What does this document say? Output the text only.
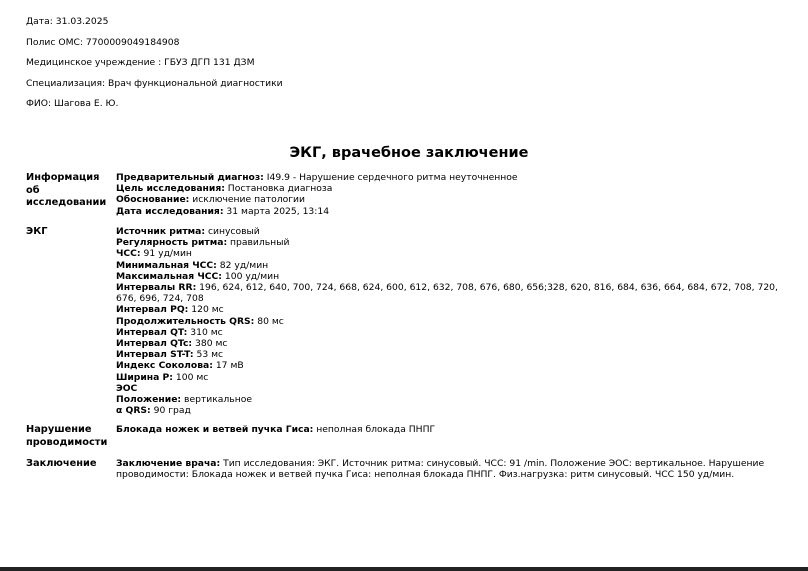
Дата: 31.03.2025
Полис ОМС: 7700009049184908
Медицинское учреждение : ГБУЗ ДГП 131 ДЗМ
Специализация: Врач функциональной диагностики
ФИО: Шагова Е. Ю.
ЭКГ, врачебное заключение
Информация об исследовании
Предварительный диагноз: I49.9 - Нарушение сердечного ритма неуточненное
Цель исследования: Постановка диагноза
Обоснование: исключение патологии
Дата исследования: 31 марта 2025, 13:14
ЭКГ	Источник ритма: синусовый
Регулярность ритма: правильный
ЧСС: 91 уд/мин
Минимальная ЧСС: 82 уд/мин
Максимальная ЧСС: 100 уд/мин
Интервалы RR: 196, 624, 612, 640, 700, 724, 668, 624, 600, 612, 632, 708, 676, 680, 656;328, 620, 816, 684, 636, 664, 684, 672, 708, 720, 676, 696, 724, 708
Интервал PQ: 120 мс
Продолжительность QRS: 80 мс
Интервал QT: 310 мс
Интервал QTc: 380 мс
Интервал ST-T: 53 мс
Индекс Соколова: 17 мВ
Ширина P: 100 мс
ЭОС
Положение: вертикальное
α QRS: 90 град
Нарушение проводимости
Блокада ножек и ветвей пучка Гиса: неполная блокада ПНПГ
Заключение	Заключение врача: Тип исследования: ЭКГ. Источник ритма: синусовый. ЧСС: 91 /min. Положение ЭОС: вертикальное. Нарушение проводимости: Блокада ножек и ветвей пучка Гиса: неполная блокада ПНПГ. Физ.нагрузка: ритм синусовый. ЧСС 150 уд/мин.
